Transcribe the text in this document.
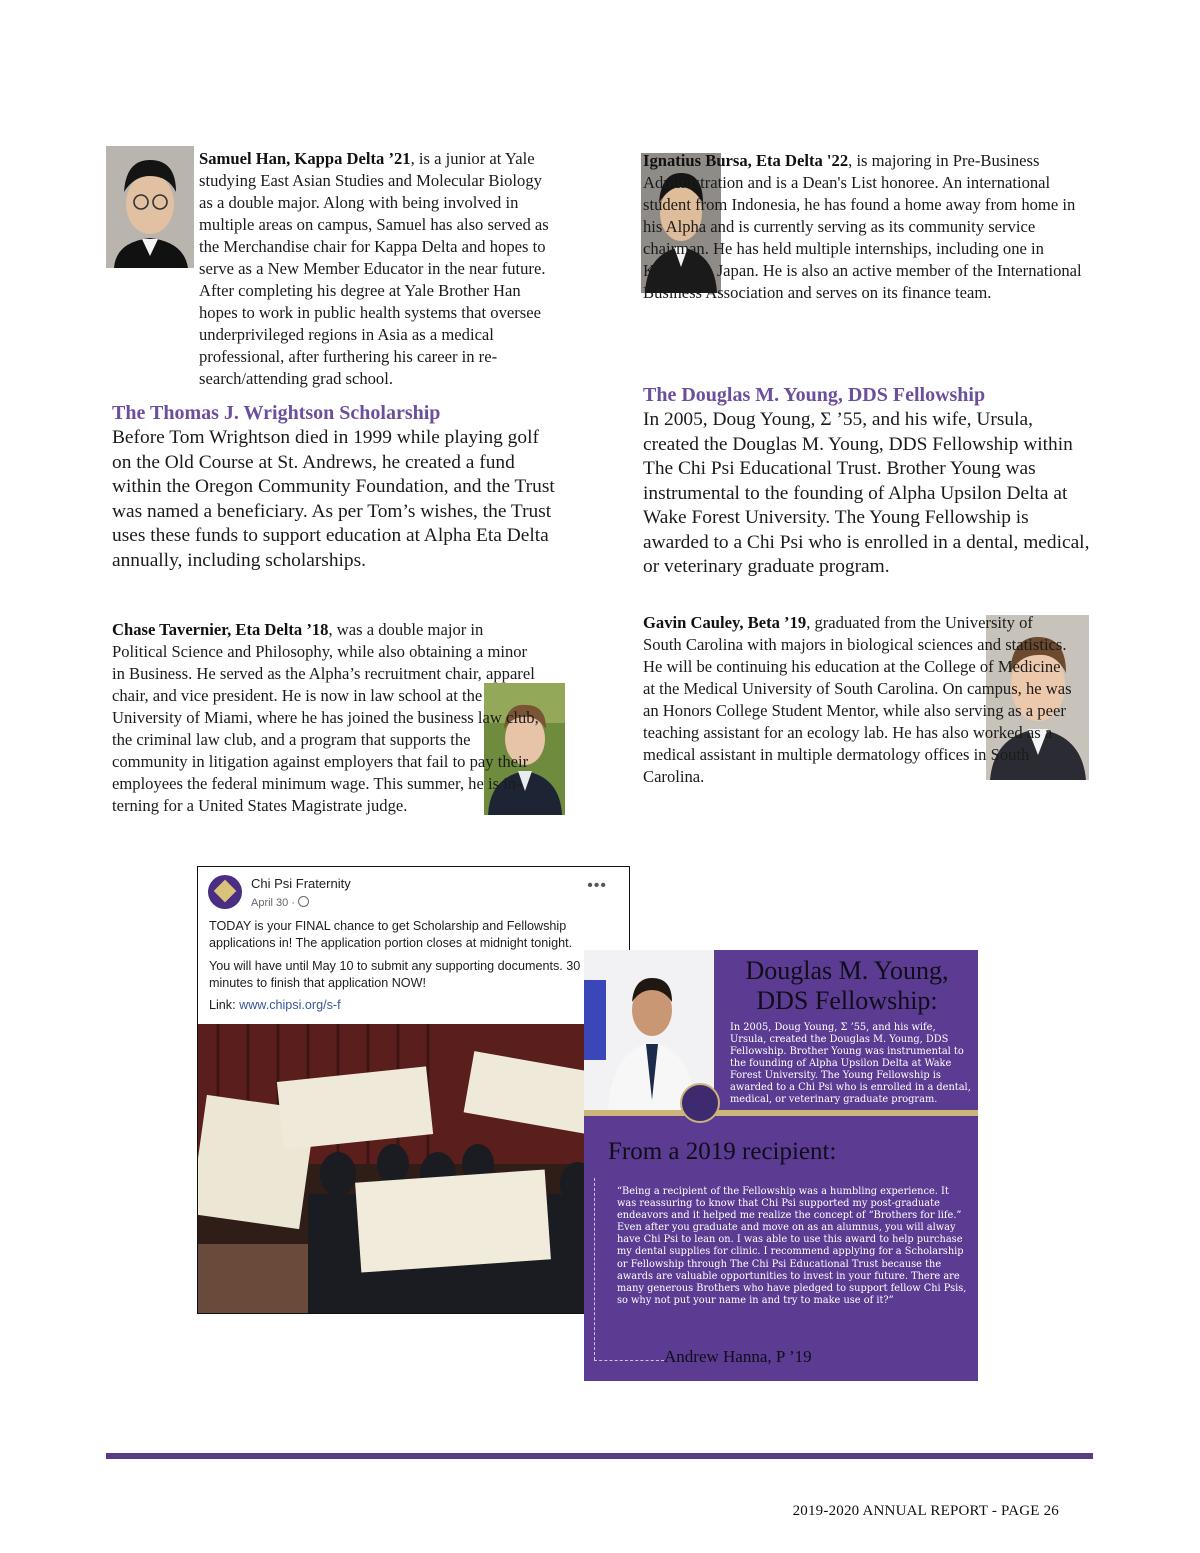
Samuel Han, Kappa Delta ’21, is a junior at Yale studying East Asian Studies and Molecular Biology as a double major. Along with being involved in multiple areas on campus, Samuel has also served as the Merchandise chair for Kappa Delta and hopes to serve as a New Member Educator in the near future. After completing his degree at Yale Brother Han hopes to work in public health systems that oversee underprivileged regions in Asia as a medical professional, after furthering his career in research/attending grad school.
The Thomas J. Wrightson Scholarship
Before Tom Wrightson died in 1999 while playing golf on the Old Course at St. Andrews, he created a fund within the Oregon Community Foundation, and the Trust was named a beneficiary. As per Tom’s wishes, the Trust uses these funds to support education at Alpha Eta Delta annually, including scholarships.
Chase Tavernier, Eta Delta ’18, was a double major in Political Science and Philosophy, while also obtaining a minor in Business. He served as the Alpha’s recruitment chair, apparel chair, and vice president. He is now in law school at the University of Miami, where he has joined the business law club, the criminal law club, and a program that supports the community in litigation against employers that fail to pay their employees the federal minimum wage. This summer, he is interning for a United States Magistrate judge.
Ignatius Bursa, Eta Delta '22, is majoring in Pre-Business Administration and is a Dean's List honoree. An international student from Indonesia, he has found a home away from home in his Alpha and is currently serving as its community service chairman. He has held multiple internships, including one in Kawasaki, Japan. He is also an active member of the International Business Association and serves on its finance team.
The Douglas M. Young, DDS Fellowship
In 2005, Doug Young, Σ ’55, and his wife, Ursula, created the Douglas M. Young, DDS Fellowship within The Chi Psi Educational Trust. Brother Young was instrumental to the founding of Alpha Upsilon Delta at Wake Forest University. The Young Fellowship is awarded to a Chi Psi who is enrolled in a dental, medical, or veterinary graduate program.
Gavin Cauley, Beta ’19, graduated from the University of South Carolina with majors in biological sciences and statistics. He will be continuing his education at the College of Medicine at the Medical University of South Carolina. On campus, he was an Honors College Student Mentor, while also serving as a peer teaching assistant for an ecology lab. He has also worked as a medical assistant in multiple dermatology offices in South Carolina.
Chi Psi Fraternity
April 30 ·
•••
TODAY is your FINAL chance to get Scholarship and Fellowship applications in! The application portion closes at midnight tonight.
You will have until May 10 to submit any supporting documents. 30 minutes to finish that application NOW!
Link: www.chipsi.org/s-f
Douglas M. Young, DDS Fellowship:
In 2005, Doug Young, Σ ’55, and his wife, Ursula, created the Douglas M. Young, DDS Fellowship. Brother Young was instrumental to the founding of Alpha Upsilon Delta at Wake Forest University. The Young Fellowship is awarded to a Chi Psi who is enrolled in a dental, medical, or veterinary graduate program.
From a 2019 recipient:
“Being a recipient of the Fellowship was a humbling experience. It was reassuring to know that Chi Psi supported my post-graduate endeavors and it helped me realize the concept of “Brothers for life.” Even after you graduate and move on as an alumnus, you will alway have Chi Psi to lean on. I was able to use this award to help purchase my dental supplies for clinic. I recommend applying for a Scholarship or Fellowship through The Chi Psi Educational Trust because the awards are valuable opportunities to invest in your future. There are many generous Brothers who have pledged to support fellow Chi Psis, so why not put your name in and try to make use of it?”
Andrew Hanna, P ’19
2019-2020 ANNUAL REPORT - PAGE 26
